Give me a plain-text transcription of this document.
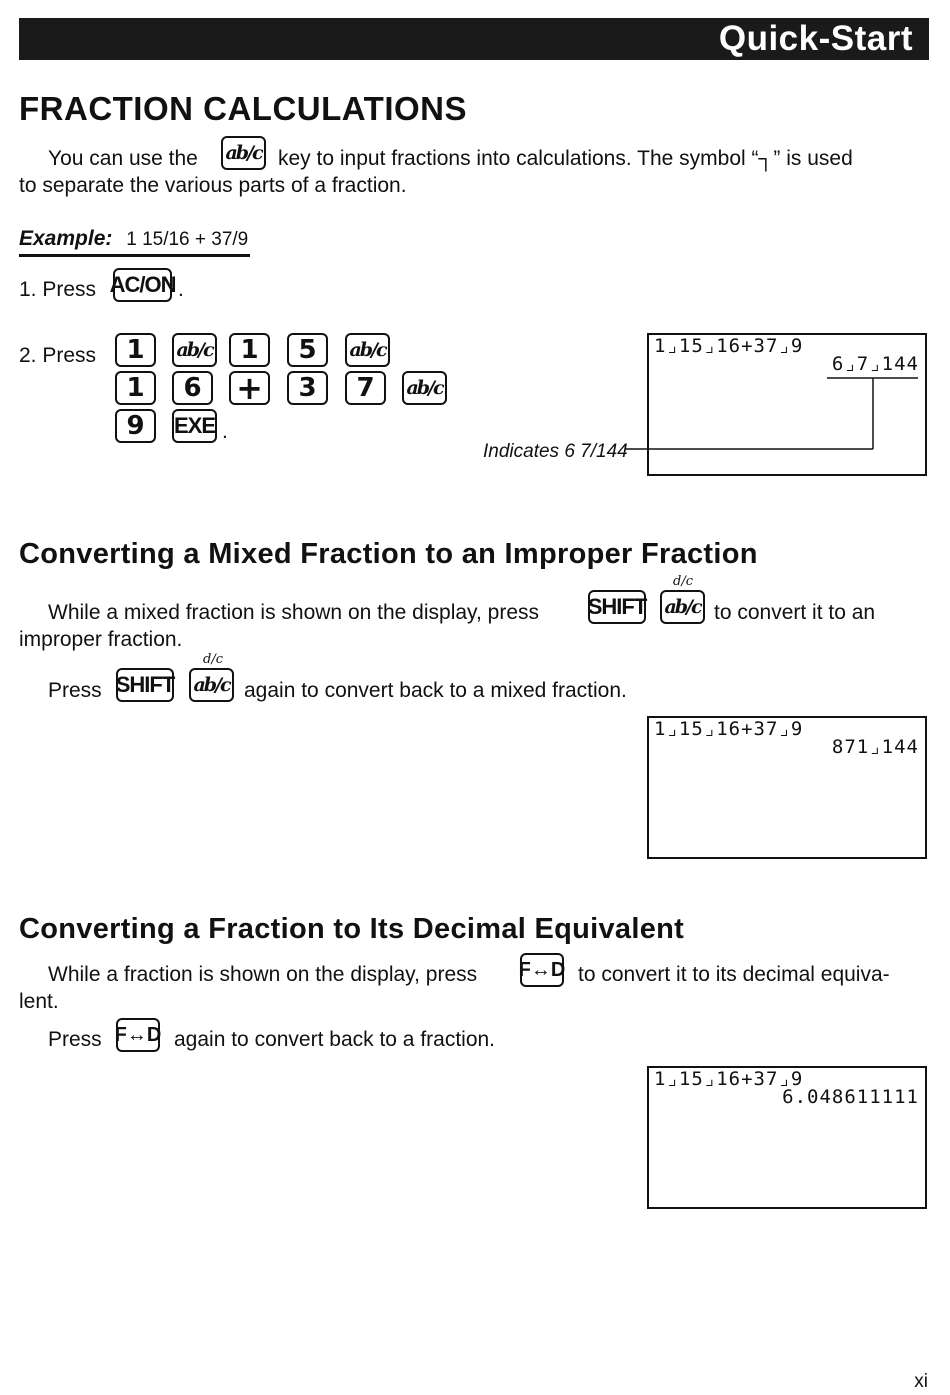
Quick-Start
FRACTION CALCULATIONS
You can use the ab/c key to input fractions into calculations. The symbol “┐” is used
to separate the various parts of a fraction.
Example: 1 15/16 + 37/9
1. Press AC/ON .
2. Press 1 ab/c 1 5 ab/c
1 6 + 3 7 ab/c
9 EXE .
1⌟15⌟16+37⌟9
6⌟7⌟144
Indicates 6 7/144
Converting a Mixed Fraction to an Improper Fraction
While a mixed fraction is shown on the display, press SHIFT
d/c
ab/c to convert it to an
improper fraction.
Press SHIFT
d/c
ab/c again to convert back to a mixed fraction.
1⌟15⌟16+37⌟9
871⌟144
Converting a Fraction to Its Decimal Equivalent
While a fraction is shown on the display, press F↔D to convert it to its decimal equiva-
lent.
Press F↔D again to convert back to a fraction.
1⌟15⌟16+37⌟9
6.048611111
xi
